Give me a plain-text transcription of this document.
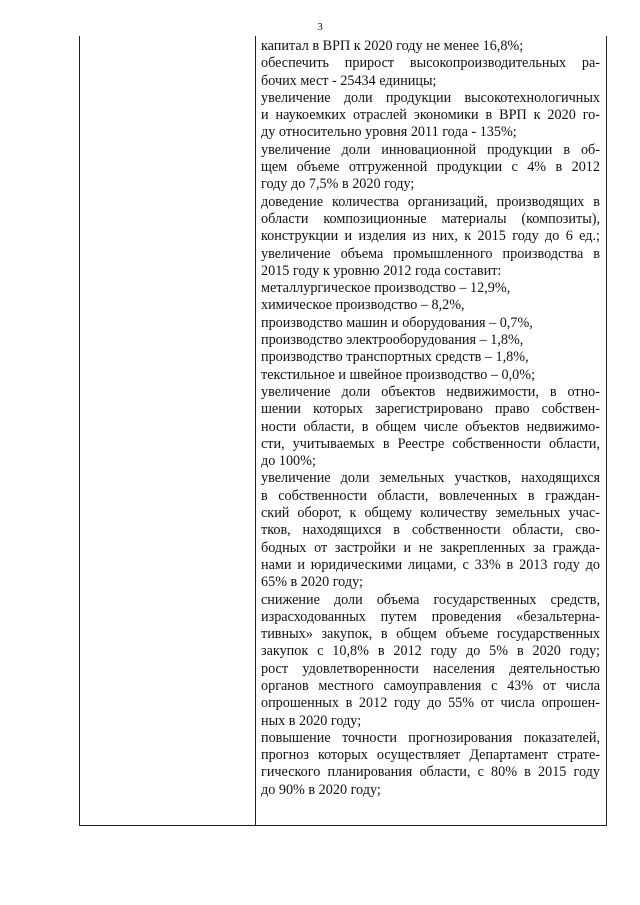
3
капитал в ВРП к 2020 году не менее 16,8%;
обеспечить прирост высокопроизводительных ра-
бочих мест - 25434 единицы;
увеличение доли продукции высокотехнологичных
и наукоемких отраслей экономики в ВРП к 2020 го-
ду относительно уровня 2011 года - 135%;
увеличение доли инновационной продукции в об-
щем объеме отгруженной продукции с 4% в 2012
году до 7,5% в 2020 году;
доведение количества организаций, производящих в
области композиционные материалы (композиты),
конструкции и изделия из них, к 2015 году до 6 ед.;
увеличение объема промышленного производства в
2015 году к уровню 2012 года составит:
металлургическое производство – 12,9%,
химическое производство – 8,2%,
производство машин и оборудования – 0,7%,
производство электрооборудования – 1,8%,
производство транспортных средств – 1,8%,
текстильное и швейное производство – 0,0%;
увеличение доли объектов недвижимости, в отно-
шении которых зарегистрировано право собствен-
ности области, в общем числе объектов недвижимо-
сти, учитываемых в Реестре собственности области,
до 100%;
увеличение доли земельных участков, находящихся
в собственности области, вовлеченных в граждан-
ский оборот, к общему количеству земельных учас-
тков, находящихся в собственности области, сво-
бодных от застройки и не закрепленных за гражда-
нами и юридическими лицами, с 33% в 2013 году до
65% в 2020 году;
снижение доли объема государственных средств,
израсходованных путем проведения «безальтерна-
тивных» закупок, в общем объеме государственных
закупок с 10,8% в 2012 году до 5% в 2020 году;
рост удовлетворенности населения деятельностью
органов местного самоуправления с 43% от числа
опрошенных в 2012 году до 55% от числа опрошен-
ных в 2020 году;
повышение точности прогнозирования показателей,
прогноз которых осуществляет Департамент страте-
гического планирования области, с 80% в 2015 году
до 90% в 2020 году;
